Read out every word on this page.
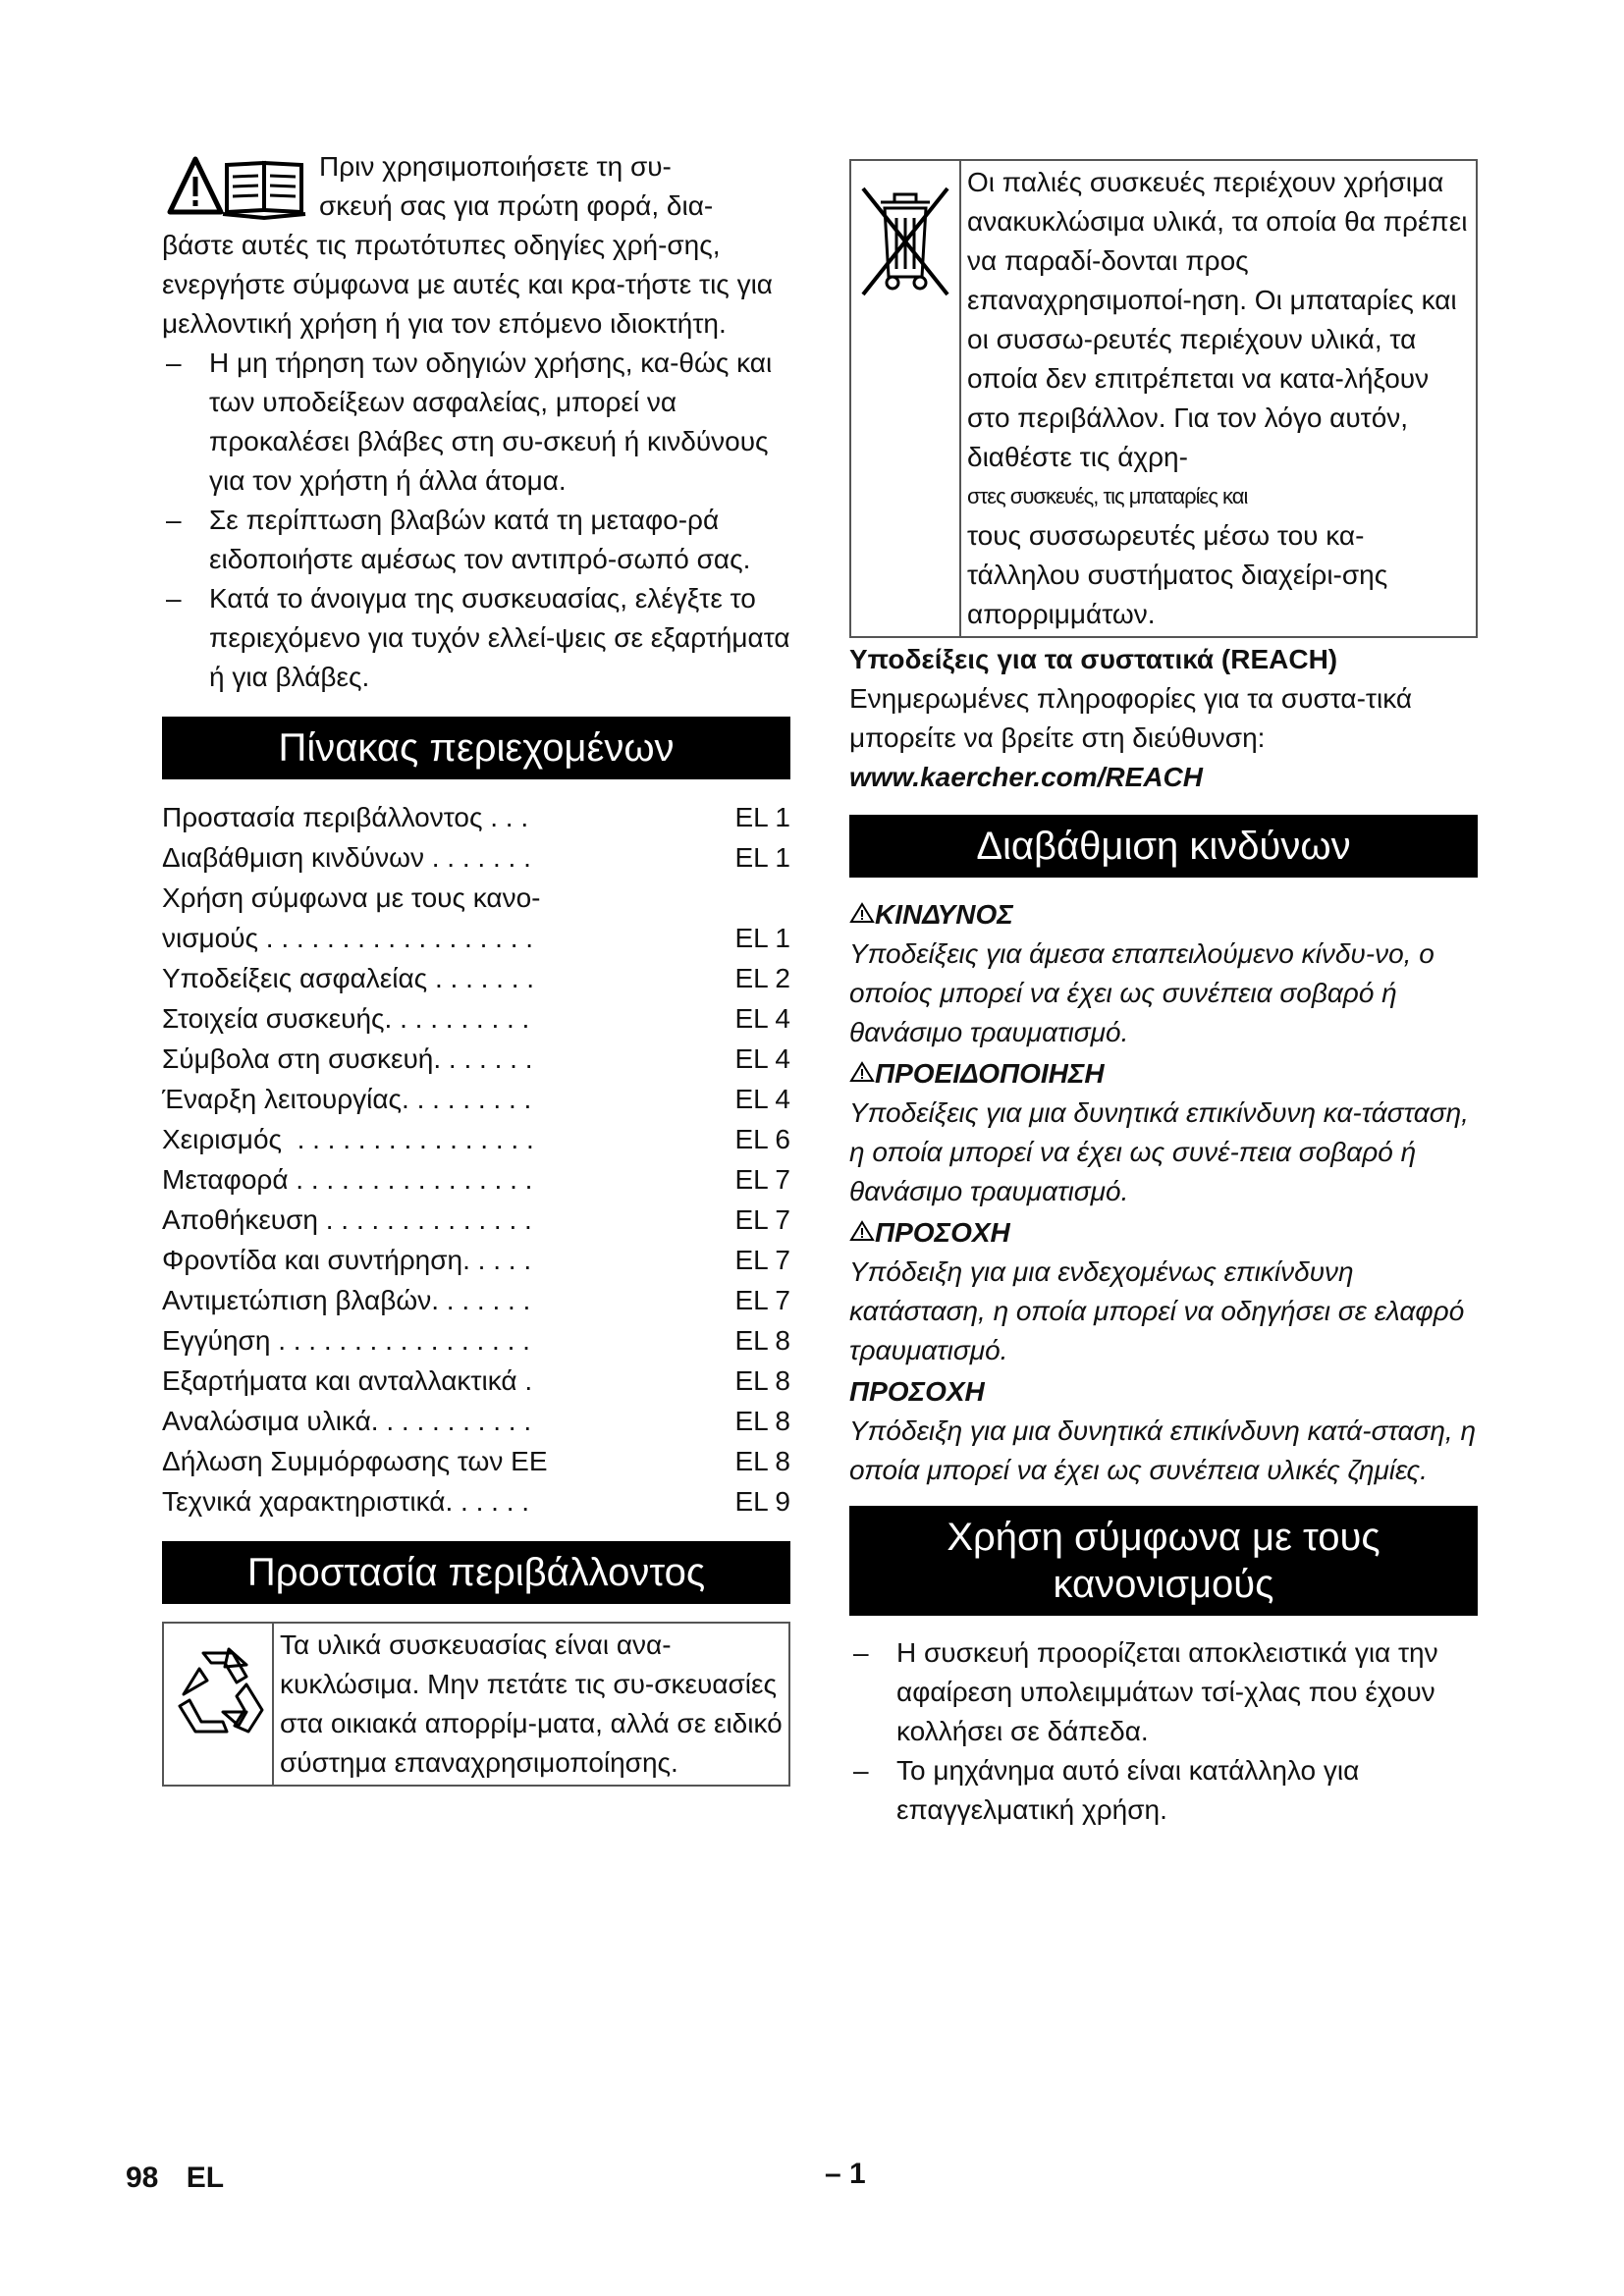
Πριν χρησιμοποιήσετε τη συ-

σκευή σας για πρώτη φορά, δια-

βάστε αυτές τις πρωτότυπες οδηγίες χρή-σης, ενεργήστε σύμφωνα με αυτές και κρα-τήστε τις για μελλοντική χρήση ή για τον επόμενο ιδιοκτήτη.

– Η μη τήρηση των οδηγιών χρήσης, κα-θώς και των υποδείξεων ασφαλείας, μπορεί να προκαλέσει βλάβες στη συ-σκευή ή κινδύνους για τον χρήστη ή άλλα άτομα.
– Σε περίπτωση βλαβών κατά τη μεταφο-ρά ειδοποιήστε αμέσως τον αντιπρό-σωπό σας.
– Κατά το άνοιγμα της συσκευασίας, ελέγξτε το περιεχόμενο για τυχόν ελλεί-ψεις σε εξαρτήματα ή για βλάβες.
Πίνακας περιεχομένων
Προστασία περιβάλλοντος . . .	EL 1
Διαβάθμιση κινδύνων . . . . . . .	EL 1
Χρήση σύμφωνα με τους κανο-
νισμούς . . . . . . . . . . . . . . . . . .	EL 1
Υποδείξεις ασφαλείας . . . . . . .	EL 2
Στοιχεία συσκευής. . . . . . . . . .	EL 4
Σύμβολα στη συσκευή. . . . . . .	EL 4
Έναρξη λειτουργίας. . . . . . . . .	EL 4
Χειρισμός  . . . . . . . . . . . . . . . .	EL 6
Μεταφορά . . . . . . . . . . . . . . . .	EL 7
Αποθήκευση . . . . . . . . . . . . . .	EL 7
Φροντίδα και συντήρηση. . . . .	EL 7
Αντιμετώπιση βλαβών. . . . . . .	EL 7
Εγγύηση . . . . . . . . . . . . . . . . .	EL 8
Εξαρτήματα και ανταλλακτικά .	EL 8
Αναλώσιμα υλικά. . . . . . . . . . .	EL 8
Δήλωση Συμμόρφωσης των ΕΕ	EL 8
Τεχνικά χαρακτηριστικά. . . . . .	EL 9
Προστασία περιβάλλοντος
Τα υλικά συσκευασίας είναι ανα-κυκλώσιμα. Μην πετάτε τις συ-σκευασίες στα οικιακά απορρίμ-ματα, αλλά σε ειδικό σύστημα επαναχρησιμοποίησης.
Οι παλιές συσκευές περιέχουν χρήσιμα ανακυκλώσιμα υλικά, τα οποία θα πρέπει να παραδί-δονται προς επαναχρησιμοποί-ηση. Οι μπαταρίες και οι συσσω-ρευτές περιέχουν υλικά, τα οποία δεν επιτρέπεται να κατα-λήξουν στο περιβάλλον. Για τον λόγο αυτόν, διαθέστε τις άχρη-
στες συσκευές, τις μπαταρίες και
τους συσσωρευτές μέσω του κα-τάλληλου συστήματος διαχείρι-σης απορριμμάτων.

Υποδείξεις για τα συστατικά (REACH)

Ενημερωμένες πληροφορίες για τα συστα-τικά μπορείτε να βρείτε στη διεύθυνση:

www.kaercher.com/REACH

Διαβάθμιση κινδύνων
ΚΙΝΔΥΝΟΣ

Υποδείξεις για άμεσα επαπειλούμενο κίνδυ-νο, ο οποίος μπορεί να έχει ως συνέπεια σοβαρό ή θανάσιμο τραυματισμό.

ΠΡΟΕΙΔΟΠΟΙΗΣΗ

Υποδείξεις για μια δυνητικά επικίνδυνη κα-τάσταση, η οποία μπορεί να έχει ως συνέ-πεια σοβαρό ή θανάσιμο τραυματισμό.

ΠΡΟΣΟΧΗ

Υπόδειξη για μια ενδεχομένως επικίνδυνη κατάσταση, η οποία μπορεί να οδηγήσει σε ελαφρό τραυματισμό.

ΠΡΟΣΟΧΗ

Υπόδειξη για μια δυνητικά επικίνδυνη κατά-σταση, η οποία μπορεί να έχει ως συνέπεια υλικές ζημίες.

Χρήση σύμφωνα με τους
κανονισμούς
– Η συσκευή προορίζεται αποκλειστικά για την αφαίρεση υπολειμμάτων τσί-χλας που έχουν κολλήσει σε δάπεδα.
– Το μηχάνημα αυτό είναι κατάλληλο για επαγγελματική χρήση.
98 EL	– 1
